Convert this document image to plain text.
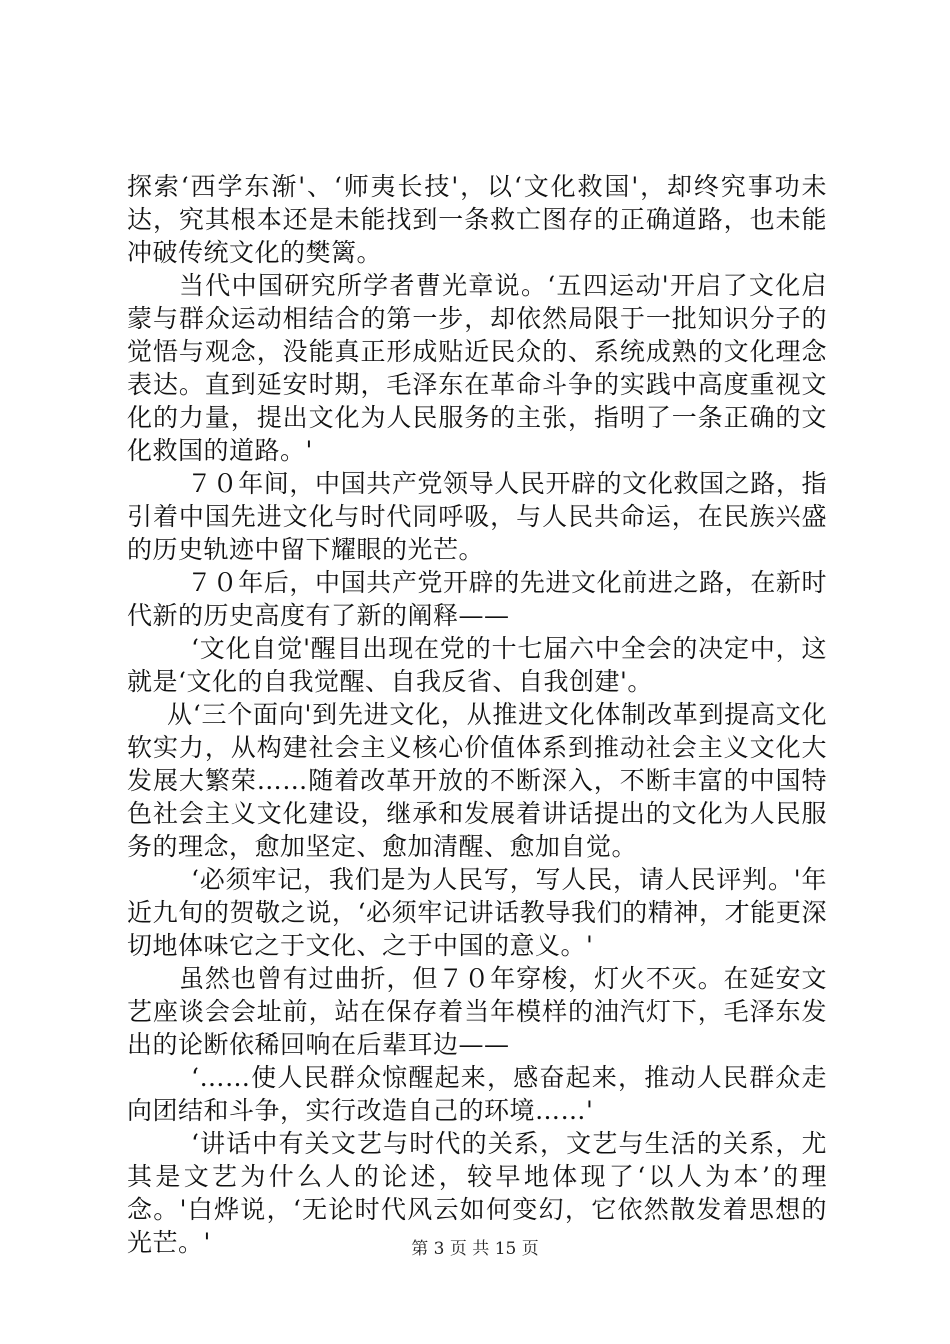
探索‘西学东渐'、‘师夷长技'，以‘文化救国'，却终究事功未达，究其根本还是未能找到一条救亡图存的正确道路，也未能冲破传统文化的樊篱。

当代中国研究所学者曹光章说。‘五四运动'开启了文化启蒙与群众运动相结合的第一步，却依然局限于一批知识分子的觉悟与观念，没能真正形成贴近民众的、系统成熟的文化理念表达。直到延安时期，毛泽东在革命斗争的实践中高度重视文化的力量，提出文化为人民服务的主张，指明了一条正确的文化救国的道路。'

７０年间，中国共产党领导人民开辟的文化救国之路，指引着中国先进文化与时代同呼吸，与人民共命运，在民族兴盛的历史轨迹中留下耀眼的光芒。

７０年后，中国共产党开辟的先进文化前进之路，在新时代新的历史高度有了新的阐释——

‘文化自觉'醒目出现在党的十七届六中全会的决定中，这就是‘文化的自我觉醒、自我反省、自我创建'。

从‘三个面向'到先进文化，从推进文化体制改革到提高文化软实力，从构建社会主义核心价值体系到推动社会主义文化大发展大繁荣……随着改革开放的不断深入，不断丰富的中国特色社会主义文化建设，继承和发展着讲话提出的文化为人民服务的理念，愈加坚定、愈加清醒、愈加自觉。

‘必须牢记，我们是为人民写，写人民，请人民评判。'年近九旬的贺敬之说，‘必须牢记讲话教导我们的精神，才能更深切地体味它之于文化、之于中国的意义。'

虽然也曾有过曲折，但７０年穿梭，灯火不灭。在延安文艺座谈会会址前，站在保存着当年模样的油汽灯下，毛泽东发出的论断依稀回响在后辈耳边——

‘……使人民群众惊醒起来，感奋起来，推动人民群众走向团结和斗争，实行改造自己的环境……'

‘讲话中有关文艺与时代的关系，文艺与生活的关系，尤其是文艺为什么人的论述，较早地体现了‘以人为本’的理念。'白烨说，‘无论时代风云如何变幻，它依然散发着思想的光芒。'	第 3 页 共 15 页
